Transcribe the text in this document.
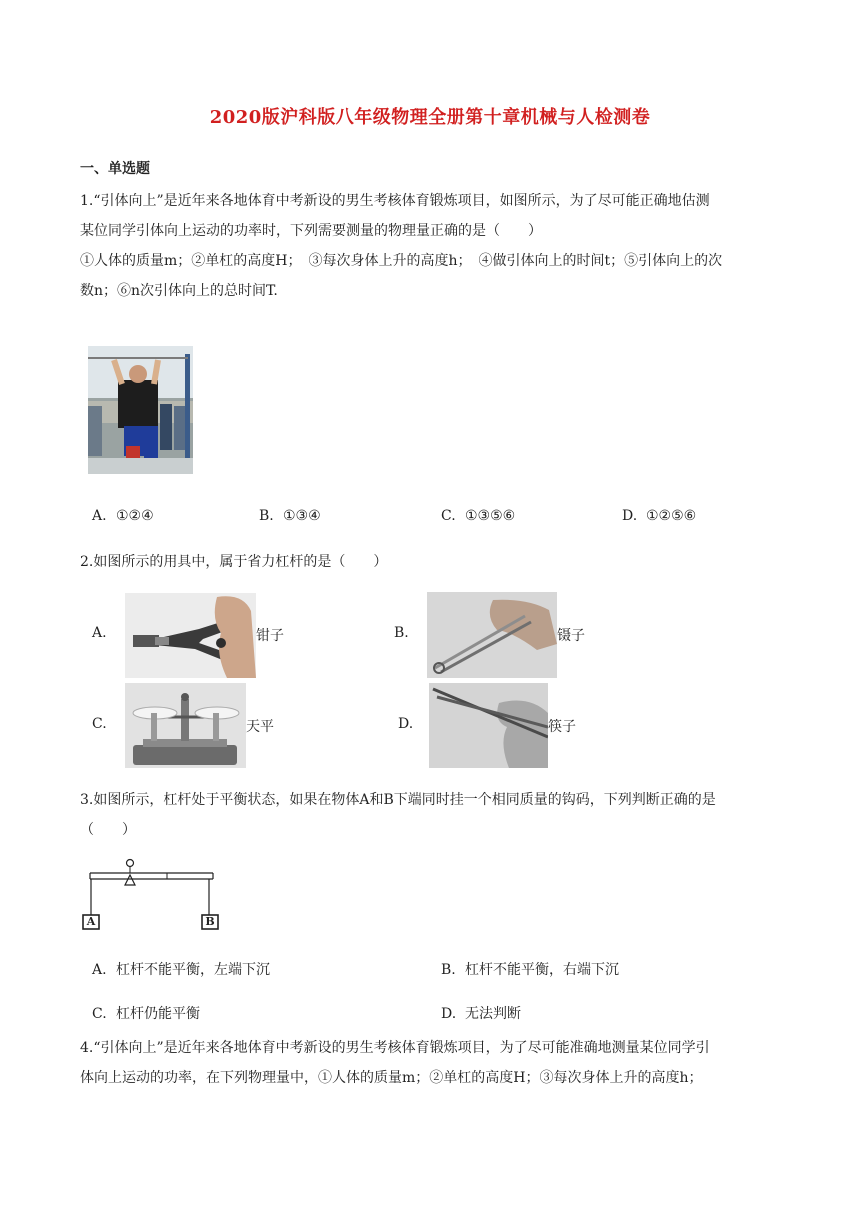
2020版沪科版八年级物理全册第十章机械与人检测卷
一、单选题

1.“引体向上”是近年来各地体育中考新设的男生考核体育锻炼项目，如图所示，为了尽可能正确地估测

某位同学引体向上运动的功率时，下列需要测量的物理量正确的是（　　）

①人体的质量m；②单杠的高度H；　③每次身体上升的高度h；　④做引体向上的时间t；⑤引体向上的次

数n；⑥n次引体向上的总时间T.

A. ①②④	B. ①③④	C. ①③⑤⑥	D. ①②⑤⑥

2.如图所示的用具中，属于省力杠杆的是（　　）

A.	钳子	B.	镊子
C.	天平	D.	筷子

3.如图所示，杠杆处于平衡状态，如果在物体A和B下端同时挂一个相同质量的钩码，下列判断正确的是

（　　）

A	B
A. 杠杆不能平衡，左端下沉	B. 杠杆不能平衡，右端下沉
C. 杠杆仍能平衡	D. 无法判断

4.“引体向上”是近年来各地体育中考新设的男生考核体育锻炼项目，为了尽可能准确地测量某位同学引

体向上运动的功率，在下列物理量中，①人体的质量m；②单杠的高度H；③每次身体上升的高度h；
